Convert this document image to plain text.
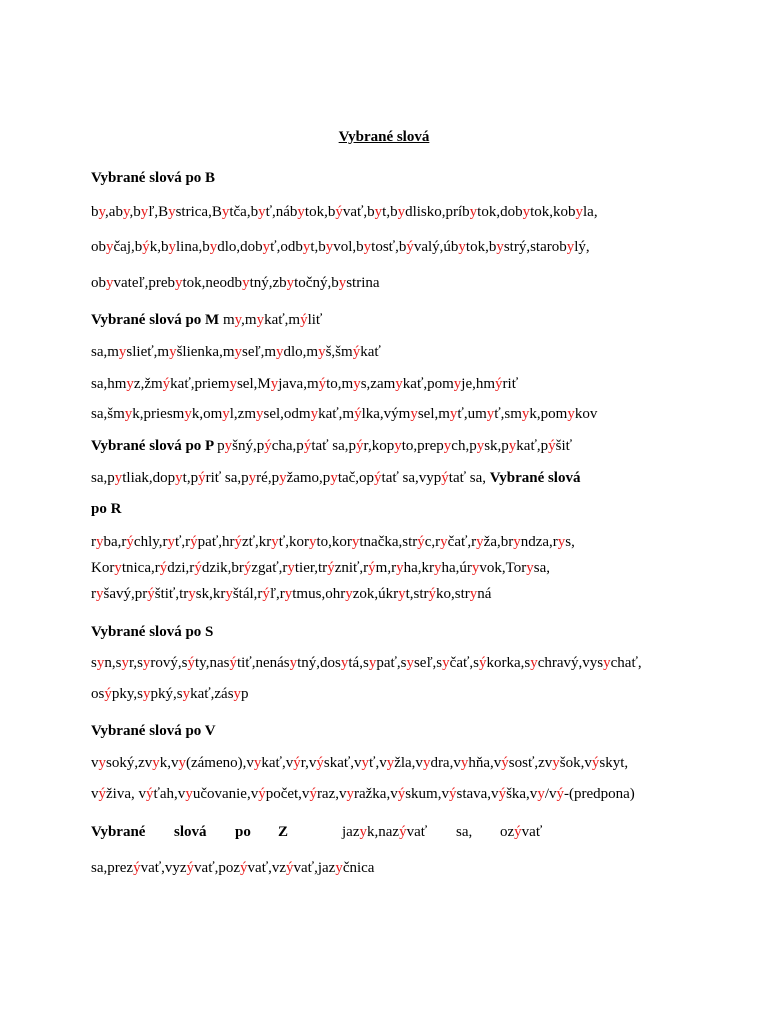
Vybrané slová
Vybrané slová po B
by,aby,byľ,Bystrica,Bytča,byť,nábytok,bývať,byt,bydlisko,príbytok,dobytok,kobyla,
obyčaj,býk,bylina,bydlo,dobyť,odbyt,byvol,bytosť,bývalý,úbytok,bystrý,starobylý,
obyvateľ,prebytok,neodbytný,zbytočný,bystrina
Vybrané slová po M my,mykať,mýliť
sa,myslieť,myšlienka,myseľ,mydlo,myš,šmýkať
sa,hmyz,žmýkať,priemysel,Myjava,mýto,mys,zamykať,pomyje,hmýriť
sa,šmyk,priesmyk,omyl,zmysel,odmykať,mýlka,výmysel,myť,umyť,smyk,pomykov
Vybrané slová po P pyšný,pýcha,pýtať sa,pýr,kopyto,prepych,pysk,pykať,pýšiť
sa,pytliak,dopyt,pýriť sa,pyré,pyžamo,pytač,opýtať sa,vypýtať sa, Vybrané slová
po R
ryba,rýchly,ryť,rýpať,hrýzť,kryť,koryto,korytnačka,strýc,ryčať,ryža,bryndza,rys,
Korytnica,rýdzi,rýdzik,brýzgať,rytier,trýzniť,rým,ryha,kryha,úryvok,Torysa,
ryšavý,prýštiť,trysk,kryštál,rýľ,rytmus,ohryzok,úkryt,strýko,stryná
Vybrané slová po S
syn,syr,syrový,sýty,nasýtiť,nenásytný,dosytá,sypať,syseľ,syčať,sýkorka,sychravý,vysychať,
osýpky,sypký,sykať,zásyp
Vybrané slová po V
vysoký,zvyk,vy(zámeno),vykať,výr,výskať,vyť,vyžla,vydra,vyhňa,výsosť,zvyšok,výskyt,
výživa, výťah,vyučovanie,výpočet,výraz,vyražka,výskum,výstava,výška,vy/vý-(predpona)
sa,prezývať,vyzývať,pozývať,vzývať,jazyčnica
Vybrané slová po Z	jazyk,nazývať sa, ozývať
